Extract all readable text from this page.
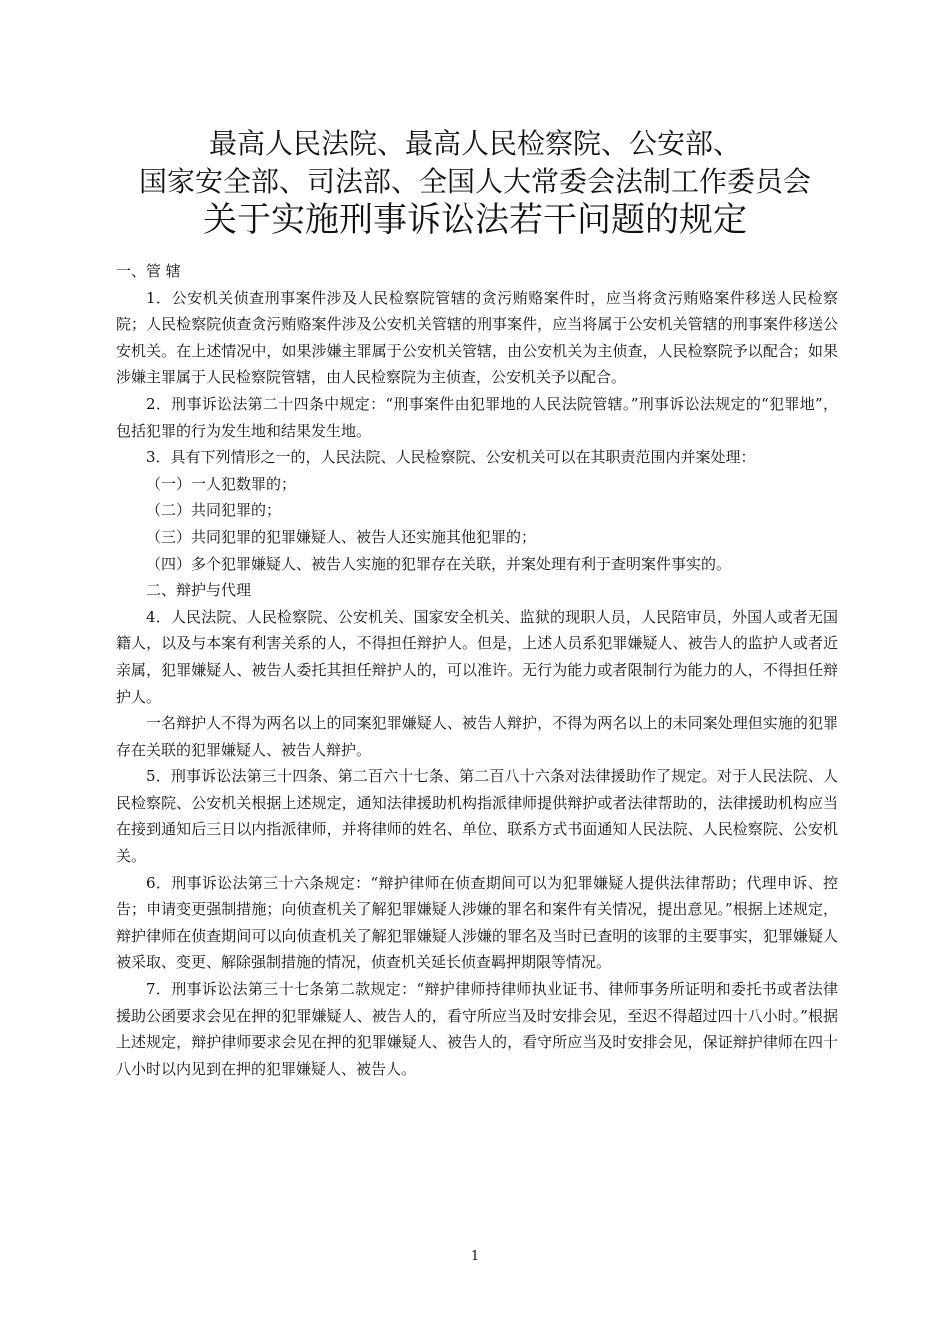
最高人民法院、最高人民检察院、公安部、
国家安全部、司法部、全国人大常委会法制工作委员会
关于实施刑事诉讼法若干问题的规定

一、管 辖

1．公安机关侦查刑事案件涉及人民检察院管辖的贪污贿赂案件时，应当将贪污贿赂案件移送人民检察院；人民检察院侦查贪污贿赂案件涉及公安机关管辖的刑事案件，应当将属于公安机关管辖的刑事案件移送公安机关。在上述情况中，如果涉嫌主罪属于公安机关管辖，由公安机关为主侦查，人民检察院予以配合；如果涉嫌主罪属于人民检察院管辖，由人民检察院为主侦查，公安机关予以配合。

2．刑事诉讼法第二十四条中规定：“刑事案件由犯罪地的人民法院管辖。”刑事诉讼法规定的“犯罪地”，包括犯罪的行为发生地和结果发生地。

3．具有下列情形之一的，人民法院、人民检察院、公安机关可以在其职责范围内并案处理：

（一）一人犯数罪的；

（二）共同犯罪的；

（三）共同犯罪的犯罪嫌疑人、被告人还实施其他犯罪的；

（四）多个犯罪嫌疑人、被告人实施的犯罪存在关联，并案处理有利于查明案件事实的。

二、辩护与代理

4．人民法院、人民检察院、公安机关、国家安全机关、监狱的现职人员，人民陪审员，外国人或者无国籍人，以及与本案有利害关系的人，不得担任辩护人。但是，上述人员系犯罪嫌疑人、被告人的监护人或者近亲属，犯罪嫌疑人、被告人委托其担任辩护人的，可以准许。无行为能力或者限制行为能力的人，不得担任辩护人。

一名辩护人不得为两名以上的同案犯罪嫌疑人、被告人辩护，不得为两名以上的未同案处理但实施的犯罪存在关联的犯罪嫌疑人、被告人辩护。

5．刑事诉讼法第三十四条、第二百六十七条、第二百八十六条对法律援助作了规定。对于人民法院、人民检察院、公安机关根据上述规定，通知法律援助机构指派律师提供辩护或者法律帮助的，法律援助机构应当在接到通知后三日以内指派律师，并将律师的姓名、单位、联系方式书面通知人民法院、人民检察院、公安机关。

6．刑事诉讼法第三十六条规定：“辩护律师在侦查期间可以为犯罪嫌疑人提供法律帮助；代理申诉、控告；申请变更强制措施；向侦查机关了解犯罪嫌疑人涉嫌的罪名和案件有关情况，提出意见。”根据上述规定，辩护律师在侦查期间可以向侦查机关了解犯罪嫌疑人涉嫌的罪名及当时已查明的该罪的主要事实，犯罪嫌疑人被采取、变更、解除强制措施的情况，侦查机关延长侦查羁押期限等情况。

7．刑事诉讼法第三十七条第二款规定：“辩护律师持律师执业证书、律师事务所证明和委托书或者法律援助公函要求会见在押的犯罪嫌疑人、被告人的，看守所应当及时安排会见，至迟不得超过四十八小时。”根据上述规定，辩护律师要求会见在押的犯罪嫌疑人、被告人的，看守所应当及时安排会见，保证辩护律师在四十八小时以内见到在押的犯罪嫌疑人、被告人。

1
